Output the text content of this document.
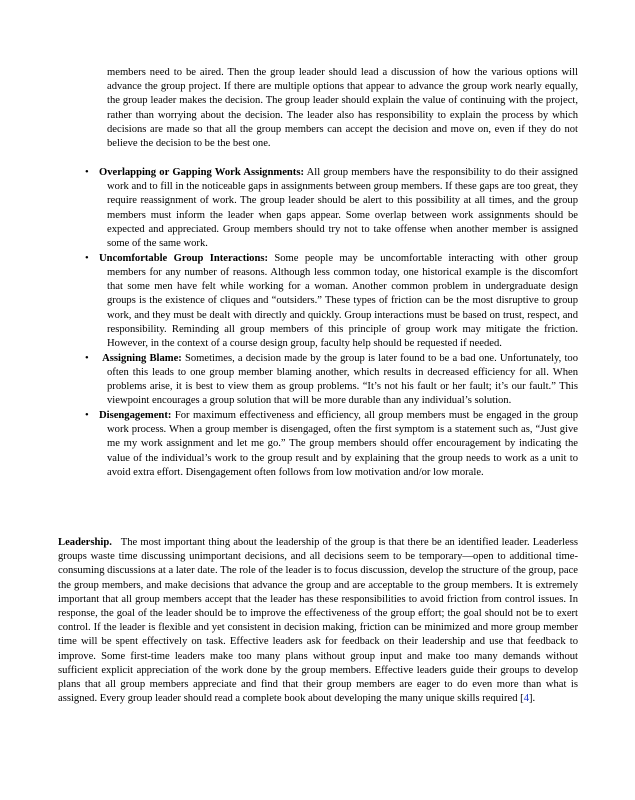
members need to be aired. Then the group leader should lead a discussion of how the various options will advance the group project. If there are multiple options that appear to advance the group work nearly equally, the group leader makes the decision. The group leader should explain the value of continuing with the project, rather than worrying about the decision. The leader also has responsibility to explain the process by which decisions are made so that all the group members can accept the decision and move on, even if they do not believe the decision to be the best one.

• Overlapping or Gapping Work Assignments: All group members have the responsibility to do their assigned work and to fill in the noticeable gaps in assignments between group members. If these gaps are too great, they require reassignment of work. The group leader should be alert to this possibility at all times, and the group members must inform the leader when gaps appear. Some overlap between work assignments should be expected and appreciated. Group members should try not to take offense when another member is assigned some of the same work.
• Uncomfortable Group Interactions: Some people may be uncomfortable interacting with other group members for any number of reasons. Although less common today, one historical example is the discomfort that some men have felt while working for a woman. Another common problem in undergraduate design groups is the existence of cliques and “outsiders.” These types of friction can be the most disruptive to group work, and they must be dealt with directly and quickly. Group interactions must be based on trust, respect, and responsibility. Reminding all group members of this principle of group work may mitigate the friction. However, in the context of a course design group, faculty help should be requested if needed.
• Assigning Blame: Sometimes, a decision made by the group is later found to be a bad one. Unfortunately, too often this leads to one group member blaming another, which results in decreased efficiency for all. When problems arise, it is best to view them as group problems. “It’s not his fault or her fault; it’s our fault.” This viewpoint encourages a group solution that will be more durable than any individual’s solution.
• Disengagement: For maximum effectiveness and efficiency, all group members must be engaged in the group work process. When a group member is disengaged, often the first symptom is a statement such as, “Just give me my work assignment and let me go.” The group members should offer encouragement by indicating the value of the individual’s work to the group result and by explaining that the group needs to work as a unit to avoid extra effort. Disengagement often follows from low motivation and/or low morale.

Leadership. The most important thing about the leadership of the group is that there be an identified leader. Leaderless groups waste time discussing unimportant decisions, and all decisions seem to be temporary—open to additional time-consuming discussions at a later date. The role of the leader is to focus discussion, develop the structure of the group, pace the group members, and make decisions that advance the group and are acceptable to the group members. It is extremely important that all group members accept that the leader has these responsibilities to avoid friction from control issues. In response, the goal of the leader should be to improve the effectiveness of the group effort; the goal should not be to exert control. If the leader is flexible and yet consistent in decision making, friction can be minimized and more group member time will be spent effectively on task. Effective leaders ask for feedback on their leadership and use that feedback to improve. Some first-time leaders make too many plans without group input and make too many demands without sufficient explicit appreciation of the work done by the group members. Effective leaders guide their groups to develop plans that all group members appreciate and find that their group members are eager to do even more than what is assigned. Every group leader should read a complete book about developing the many unique skills required [4].
